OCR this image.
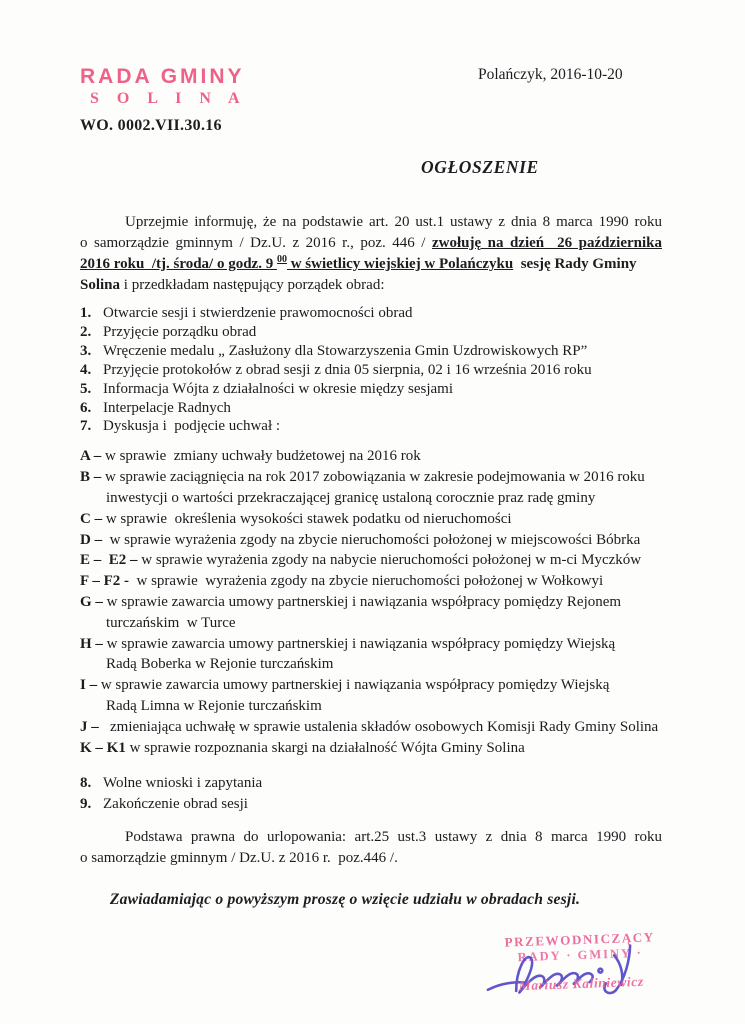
RADA GMINY
S O L I N A
WO. 0002.VII.30.16
Polańczyk, 2016-10-20
OGŁOSZENIE
Uprzejmie informuję, że na podstawie art. 20 ust.1 ustawy z dnia 8 marca 1990 roku
o samorządzie gminnym / Dz.U. z 2016 r., poz. 446 / zwołuję na dzień  26 października
2016 roku  /tj. środa/ o godz. 9 $^{00}$ w świetlicy wiejskiej w Polańczyku  sesję Rady Gminy
Solina i przedkładam następujący porządek obrad:
1. Otwarcie sesji i stwierdzenie prawomocności obrad
2. Przyjęcie porządku obrad
3. Wręczenie medalu „ Zasłużony dla Stowarzyszenia Gmin Uzdrowiskowych RP”
4. Przyjęcie protokołów z obrad sesji z dnia 05 sierpnia, 02 i 16 września 2016 roku
5. Informacja Wójta z działalności w okresie między sesjami
6. Interpelacje Radnych
7. Dyskusja i  podjęcie uchwał :
A – w sprawie  zmiany uchwały budżetowej na 2016 rok
B – w sprawie zaciągnięcia na rok 2017 zobowiązania w zakresie podejmowania w 2016 roku
inwestycji o wartości przekraczającej granicę ustaloną corocznie praz radę gminy
C – w sprawie  określenia wysokości stawek podatku od nieruchomości
D –  w sprawie wyrażenia zgody na zbycie nieruchomości położonej w miejscowości Bóbrka
E –  E2 – w sprawie wyrażenia zgody na nabycie nieruchomości położonej w m-ci Myczków
F – F2 -  w sprawie  wyrażenia zgody na zbycie nieruchomości położonej w Wołkowyi
G – w sprawie zawarcia umowy partnerskiej i nawiązania współpracy pomiędzy Rejonem
turczańskim  w Turce
H – w sprawie zawarcia umowy partnerskiej i nawiązania współpracy pomiędzy Wiejską
Radą Boberka w Rejonie turczańskim
I – w sprawie zawarcia umowy partnerskiej i nawiązania współpracy pomiędzy Wiejską
Radą Limna w Rejonie turczańskim
J –   zmieniająca uchwałę w sprawie ustalenia składów osobowych Komisji Rady Gminy Solina
K – K1 w sprawie rozpoznania skargi na działalność Wójta Gminy Solina
8. Wolne wnioski i zapytania
9. Zakończenie obrad sesji
Podstawa prawna do urlopowania: art.25 ust.3 ustawy z dnia 8 marca 1990 roku
o samorządzie gminnym / Dz.U. z 2016 r.  poz.446 /.
Zawiadamiając o powyższym proszę o wzięcie udziału w obradach sesji.
PRZEWODNICZĄCY
RADY · GMINY ·
Mariusz Kaliniewicz
